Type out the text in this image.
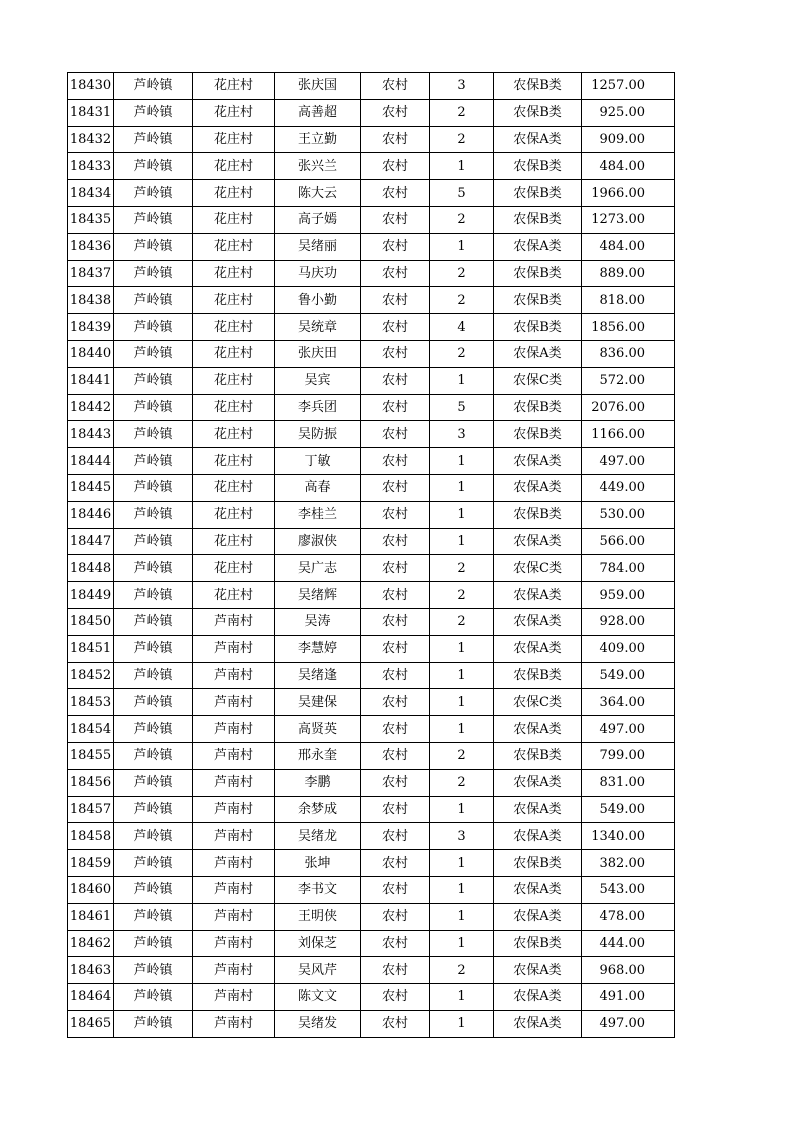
18430	芦岭镇	花庄村	张庆国	农村	3	农保B类	1257.00
18431	芦岭镇	花庄村	高善超	农村	2	农保B类	925.00
18432	芦岭镇	花庄村	王立勤	农村	2	农保A类	909.00
18433	芦岭镇	花庄村	张兴兰	农村	1	农保B类	484.00
18434	芦岭镇	花庄村	陈大云	农村	5	农保B类	1966.00
18435	芦岭镇	花庄村	高子嫣	农村	2	农保B类	1273.00
18436	芦岭镇	花庄村	吴绪丽	农村	1	农保A类	484.00
18437	芦岭镇	花庄村	马庆功	农村	2	农保B类	889.00
18438	芦岭镇	花庄村	鲁小勤	农村	2	农保B类	818.00
18439	芦岭镇	花庄村	吴统章	农村	4	农保B类	1856.00
18440	芦岭镇	花庄村	张庆田	农村	2	农保A类	836.00
18441	芦岭镇	花庄村	吴宾	农村	1	农保C类	572.00
18442	芦岭镇	花庄村	李兵团	农村	5	农保B类	2076.00
18443	芦岭镇	花庄村	吴防振	农村	3	农保B类	1166.00
18444	芦岭镇	花庄村	丁敏	农村	1	农保A类	497.00
18445	芦岭镇	花庄村	高春	农村	1	农保A类	449.00
18446	芦岭镇	花庄村	李桂兰	农村	1	农保B类	530.00
18447	芦岭镇	花庄村	廖淑侠	农村	1	农保A类	566.00
18448	芦岭镇	花庄村	吴广志	农村	2	农保C类	784.00
18449	芦岭镇	花庄村	吴绪辉	农村	2	农保A类	959.00
18450	芦岭镇	芦南村	吴涛	农村	2	农保A类	928.00
18451	芦岭镇	芦南村	李慧婷	农村	1	农保A类	409.00
18452	芦岭镇	芦南村	吴绪逢	农村	1	农保B类	549.00
18453	芦岭镇	芦南村	吴建保	农村	1	农保C类	364.00
18454	芦岭镇	芦南村	高贤英	农村	1	农保A类	497.00
18455	芦岭镇	芦南村	邢永奎	农村	2	农保B类	799.00
18456	芦岭镇	芦南村	李鹏	农村	2	农保A类	831.00
18457	芦岭镇	芦南村	余梦成	农村	1	农保A类	549.00
18458	芦岭镇	芦南村	吴绪龙	农村	3	农保A类	1340.00
18459	芦岭镇	芦南村	张坤	农村	1	农保B类	382.00
18460	芦岭镇	芦南村	李书文	农村	1	农保A类	543.00
18461	芦岭镇	芦南村	王明侠	农村	1	农保A类	478.00
18462	芦岭镇	芦南村	刘保芝	农村	1	农保B类	444.00
18463	芦岭镇	芦南村	吴风芹	农村	2	农保A类	968.00
18464	芦岭镇	芦南村	陈文文	农村	1	农保A类	491.00
18465	芦岭镇	芦南村	吴绪发	农村	1	农保A类	497.00
